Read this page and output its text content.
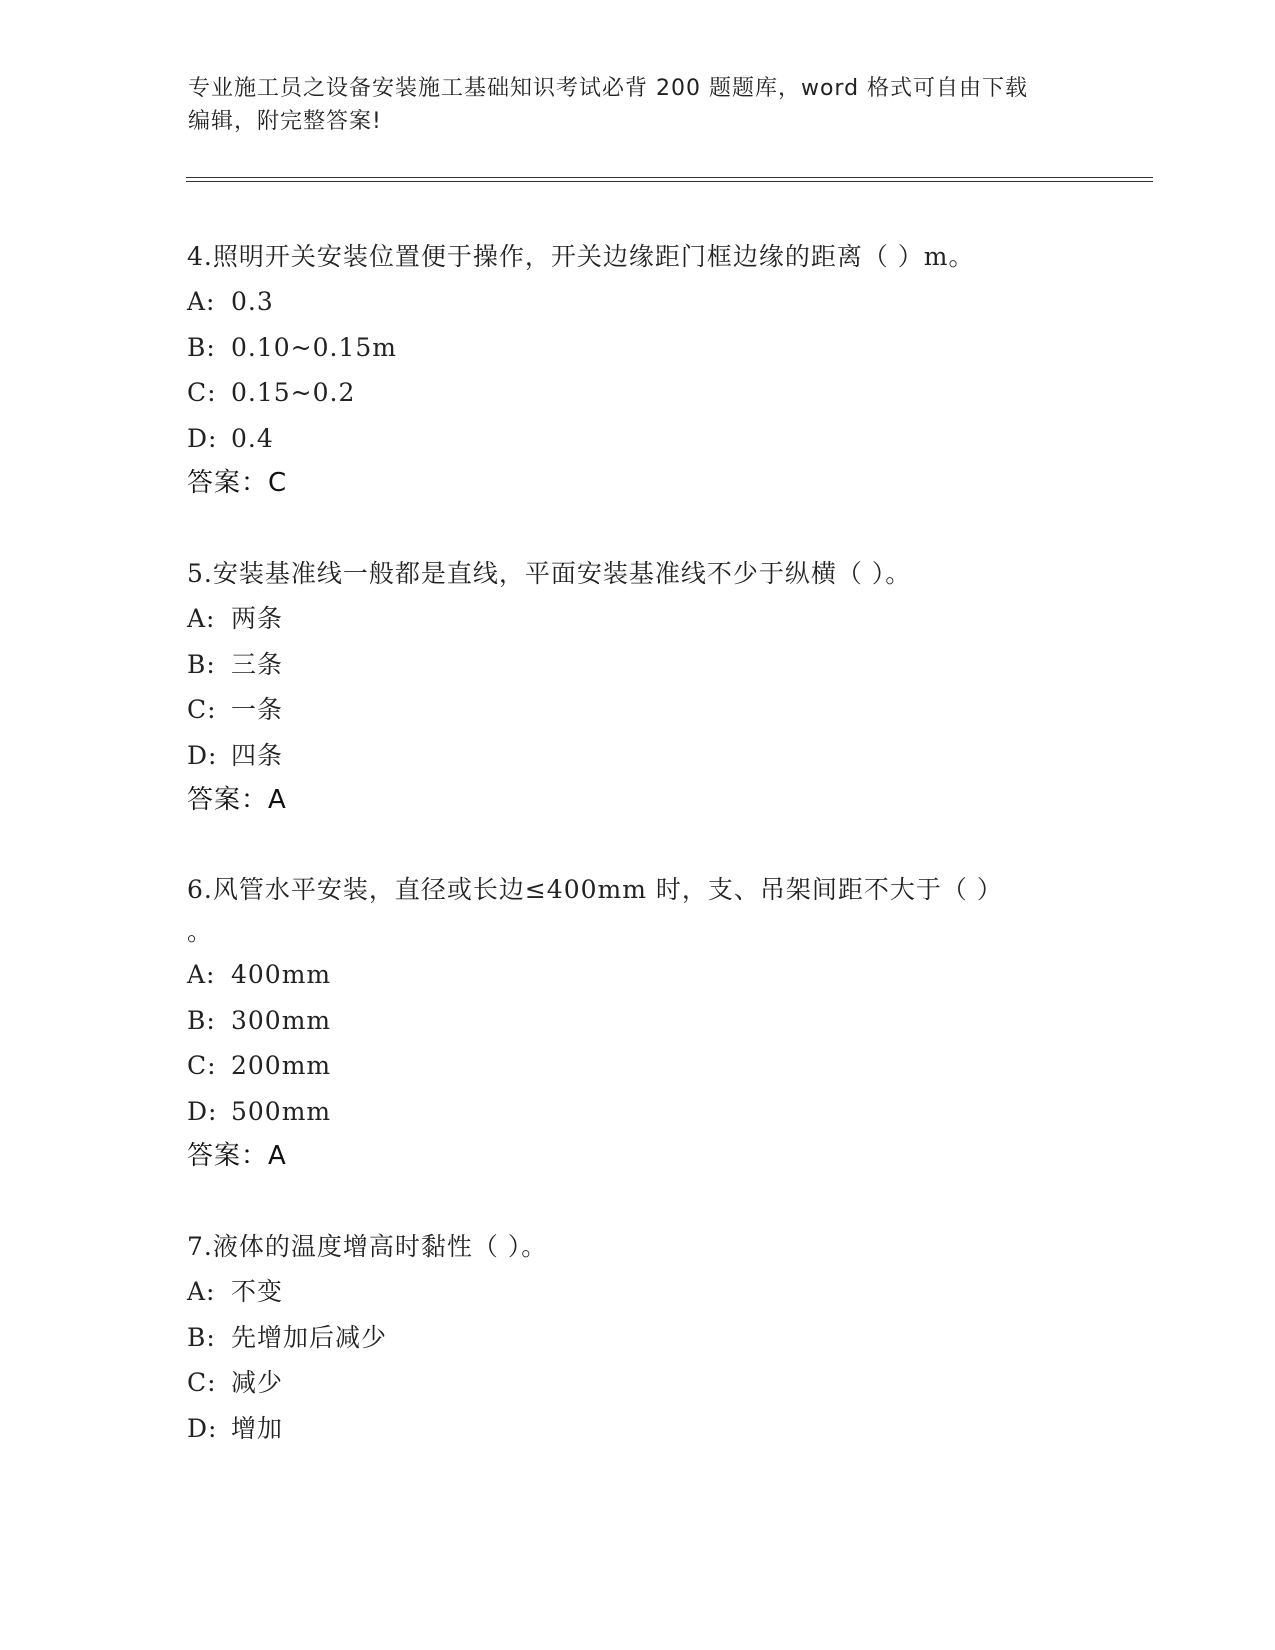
专业施工员之设备安装施工基础知识考试必背 200 题题库，word 格式可自由下载
编辑，附完整答案!
4.照明开关安装位置便于操作，开关边缘距门框边缘的距离（ ）m。
A: 0.3
B: 0.10~0.15m
C: 0.15~0.2
D: 0.4
答案：C
5.安装基准线一般都是直线，平面安装基准线不少于纵横（ ）。
A: 两条
B: 三条
C: 一条
D: 四条
答案：A
6.风管水平安装，直径或长边≤400mm 时，支、吊架间距不大于（ ）
。
A: 400mm
B: 300mm
C: 200mm
D: 500mm
答案：A
7.液体的温度增高时黏性（ ）。
A: 不变
B: 先增加后减少
C: 减少
D: 增加
